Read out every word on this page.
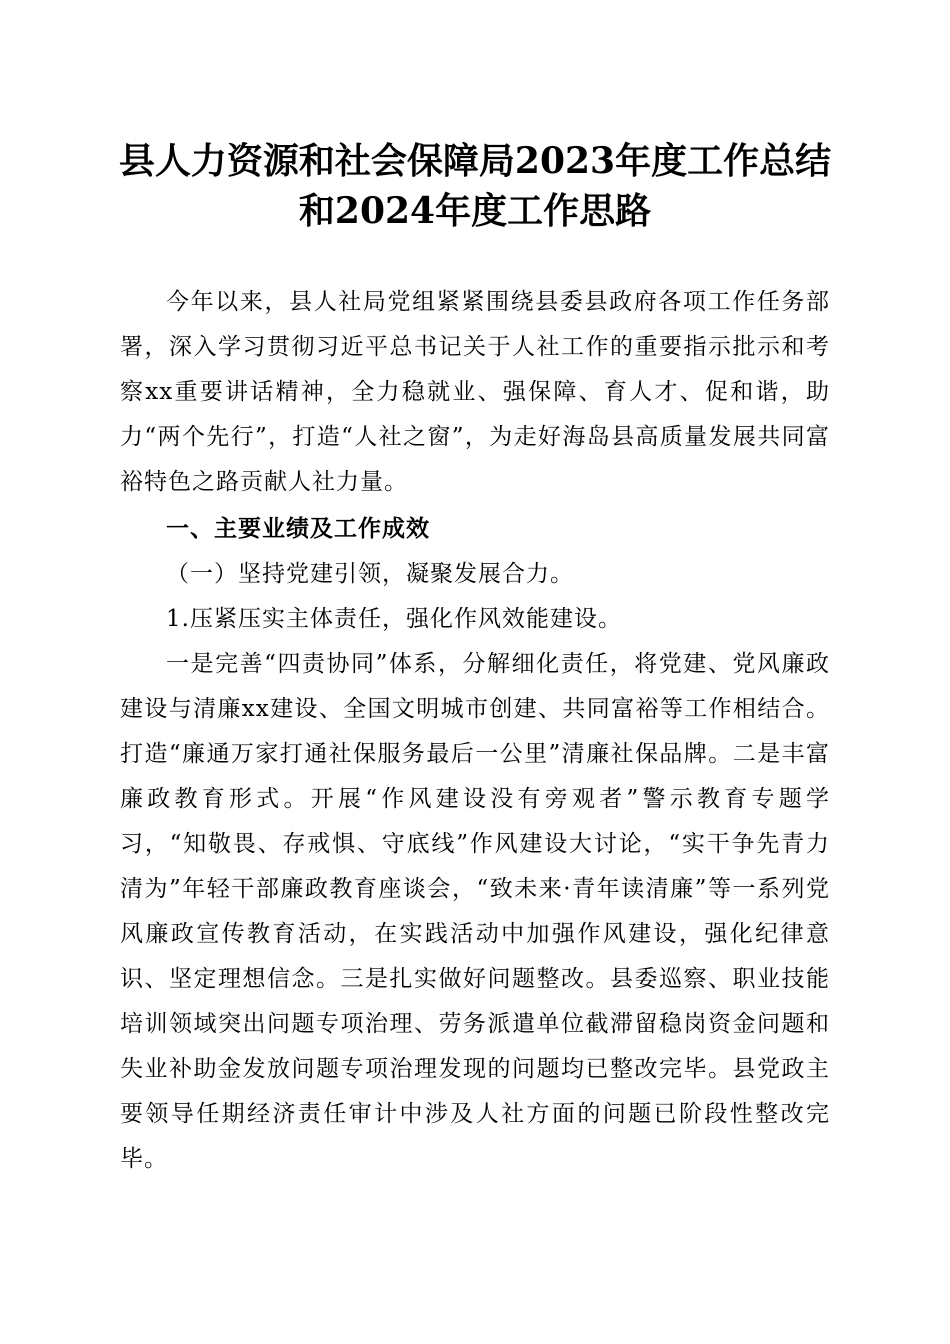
县人力资源和社会保障局2023年度工作总结
和2024年度工作思路

今年以来，县人社局党组紧紧围绕县委县政府各项工作任务部署，深入学习贯彻习近平总书记关于人社工作的重要指示批示和考察xx重要讲话精神，全力稳就业、强保障、育人才、促和谐，助力“两个先行”，打造“人社之窗”，为走好海岛县高质量发展共同富裕特色之路贡献人社力量。

一、主要业绩及工作成效

（一）坚持党建引领，凝聚发展合力。

1.压紧压实主体责任，强化作风效能建设。

一是完善“四责协同”体系，分解细化责任，将党建、党风廉政建设与清廉xx建设、全国文明城市创建、共同富裕等工作相结合。打造“廉通万家打通社保服务最后一公里”清廉社保品牌。二是丰富廉政教育形式。开展“作风建设没有旁观者”警示教育专题学习，“知敬畏、存戒惧、守底线”作风建设大讨论，“实干争先青力清为”年轻干部廉政教育座谈会，“致未来·青年读清廉”等一系列党风廉政宣传教育活动，在实践活动中加强作风建设，强化纪律意识、坚定理想信念。三是扎实做好问题整改。县委巡察、职业技能培训领域突出问题专项治理、劳务派遣单位截滞留稳岗资金问题和失业补助金发放问题专项治理发现的问题均已整改完毕。县党政主要领导任期经济责任审计中涉及人社方面的问题已阶段性整改完毕。
